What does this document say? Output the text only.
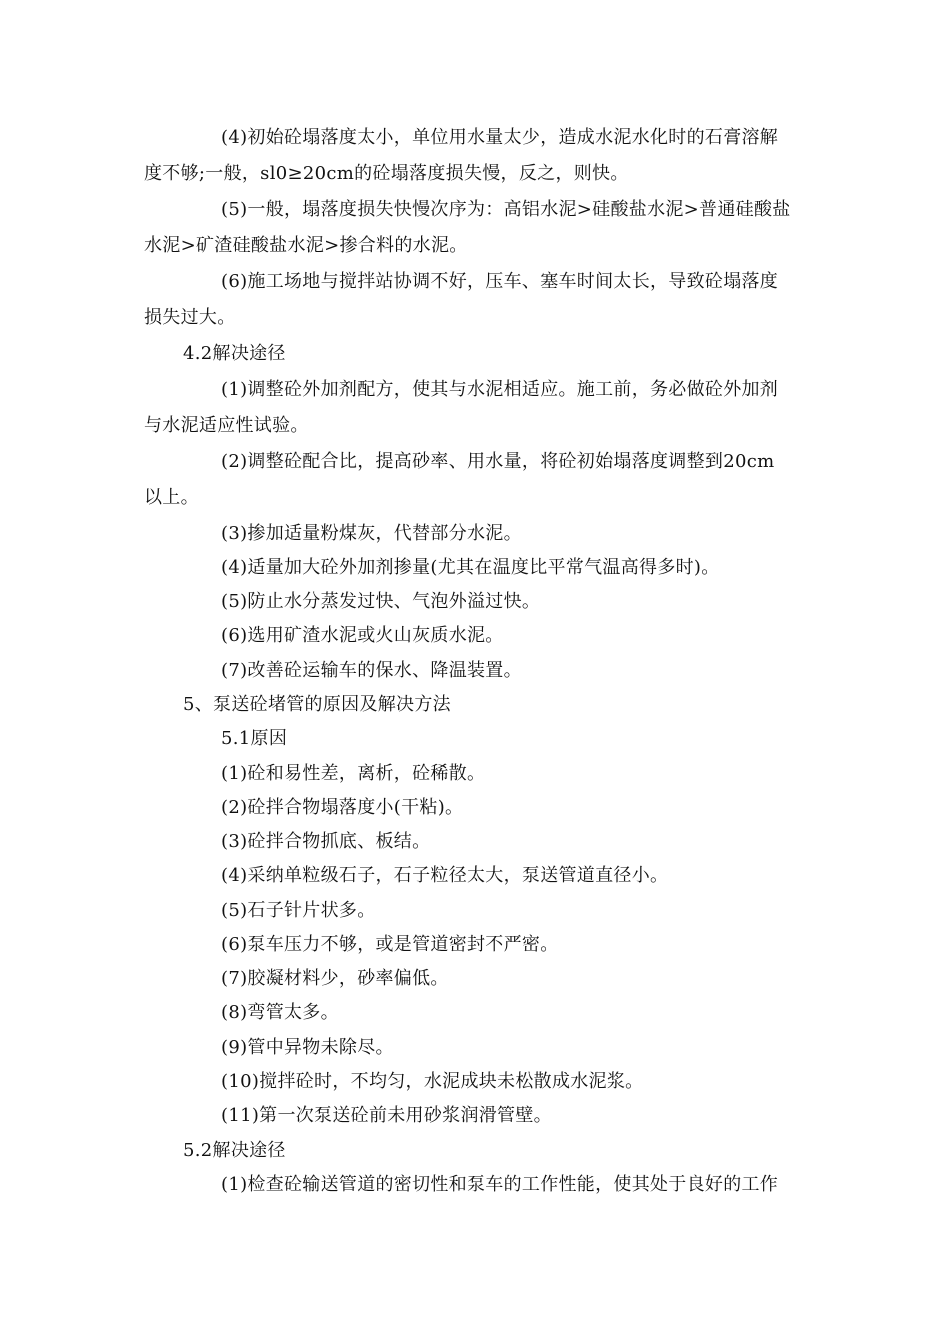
(4)初始砼塌落度太小，单位用水量太少，造成水泥水化时的石膏溶解
度不够;一般，sl0≥20cm的砼塌落度损失慢，反之，则快。
(5)一般，塌落度损失快慢次序为：高铝水泥>硅酸盐水泥>普通硅酸盐
水泥>矿渣硅酸盐水泥>掺合料的水泥。
(6)施工场地与搅拌站协调不好，压车、塞车时间太长，导致砼塌落度
损失过大。
4.2解决途径
(1)调整砼外加剂配方，使其与水泥相适应。施工前，务必做砼外加剂
与水泥适应性试验。
(2)调整砼配合比，提高砂率、用水量，将砼初始塌落度调整到20cm
以上。
(3)掺加适量粉煤灰，代替部分水泥。
(4)适量加大砼外加剂掺量(尤其在温度比平常气温高得多时)。
(5)防止水分蒸发过快、气泡外溢过快。
(6)选用矿渣水泥或火山灰质水泥。
(7)改善砼运输车的保水、降温装置。
5、泵送砼堵管的原因及解决方法
5.1原因
(1)砼和易性差，离析，砼稀散。
(2)砼拌合物塌落度小(干粘)。
(3)砼拌合物抓底、板结。
(4)采纳单粒级石子，石子粒径太大，泵送管道直径小。
(5)石子针片状多。
(6)泵车压力不够，或是管道密封不严密。
(7)胶凝材料少，砂率偏低。
(8)弯管太多。
(9)管中异物未除尽。
(10)搅拌砼时，不均匀，水泥成块未松散成水泥浆。
(11)第一次泵送砼前未用砂浆润滑管壁。
5.2解决途径
(1)检查砼输送管道的密切性和泵车的工作性能，使其处于良好的工作
